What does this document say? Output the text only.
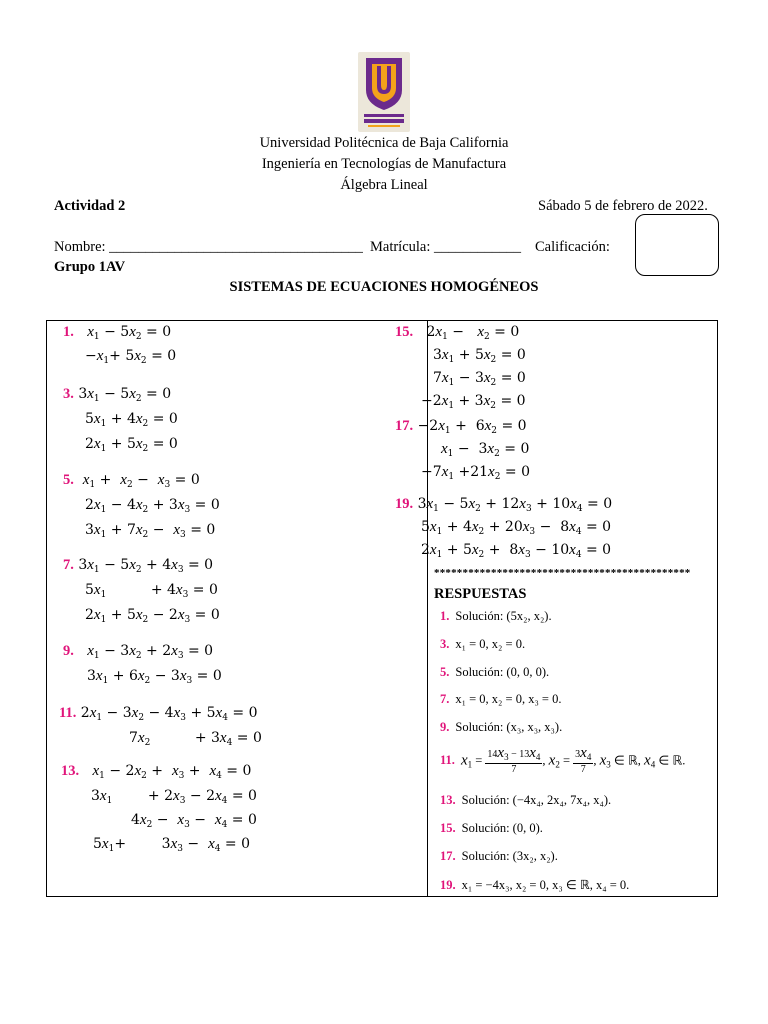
Universidad Politécnica de Baja California
Ingeniería en Tecnologías de Manufactura
Álgebra Lineal
Actividad 2	Sábado 5 de febrero de 2022.
Nombre: ___________________________________ Matrícula: ____________ Calificación:
Grupo 1AV
SISTEMAS DE ECUACIONES HOMOGÉNEOS
1. $x_1 - 5x_2 = 0$
$-x_1+ 5x_2 = 0$
3. $3x_1 - 5x_2 = 0$
$5x_1 + 4x_2 = 0$
$2x_1 + 5x_2 = 0$
5. $x_1 + x_2 - x_3 = 0$
$2x_1 - 4x_2 + 3x_3 = 0$
$3x_1 + 7x_2 - x_3 = 0$
7. $3x_1 - 5x_2 + 4x_3 = 0$
$5x_1$          + $4x_3 = 0$
$2x_1 + 5x_2 - 2x_3 = 0$
9. $x_1 - 3x_2 + 2x_3 = 0$
$3x_1 + 6x_2 - 3x_3 = 0$
11. $2x_1 - 3x_2 - 4x_3 + 5x_4 = 0$
$7x_2$          + $3x_4 = 0$
13. $x_1 - 2x_2 + x_3 + x_4 = 0$
$3x_1$        + $2x_3 - 2x_4 = 0$
$4x_2 - x_3 - x_4 = 0$
$5x_1+$        $3x_3 - x_4 = 0$
15.   $2x_1 - x_2 = 0$
$3x_1 + 5x_2 = 0$
$7x_1 - 3x_2 = 0$
$-2x_1 + 3x_2 = 0$
17. $-2x_1 + 6x_2 = 0$
$x_1 - 3x_2 = 0$
$-7x_1 +21x_2 = 0$
19. $3x_1 - 5x_2 + 12x_3 + 10x_4 = 0$
$5x_1 + 4x_2 + 20x_3 - 8x_4 = 0$
$2x_1 + 5x_2 + 8x_3 - 10x_4 = 0$
*********************************************
RESPUESTAS
1. Solución: (5x₂, x₂).
3. x₁ = 0, x₂ = 0.
5. Solución: (0, 0, 0).
7. x₁ = 0, x₂ = 0, x₃ = 0.
9. Solución: (x₃, x₃, x₃).
11. $x_1 = \frac{14x_3 - 13x_4}{7}$ , $x_2 = \frac{3x_4}{7}$ , $x_3$ ∈ ℝ, $x_4$ ∈ ℝ.
13. Solución: (−4x₄, 2x₄, 7x₄, x₄).
15. Solución: (0, 0).
17. Solución: (3x₂, x₂).
19. x₁ = −4x₃, x₂ = 0, x₃ ∈ ℝ, x₄ = 0.
